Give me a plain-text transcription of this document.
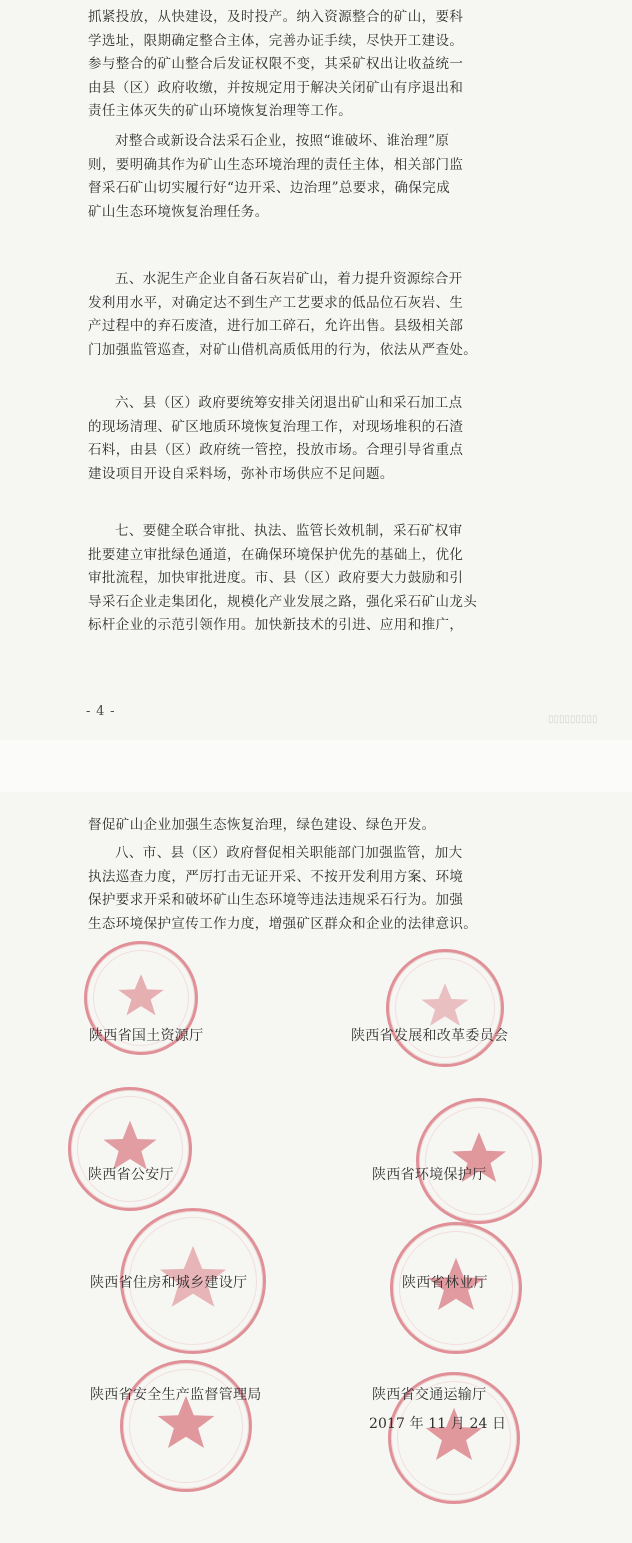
抓紧投放，从快建设，及时投产。纳入资源整合的矿山，要科

学选址，限期确定整合主体，完善办证手续，尽快开工建设。

参与整合的矿山整合后发证权限不变，其采矿权出让收益统一

由县（区）政府收缴，并按规定用于解决关闭矿山有序退出和

责任主体灭失的矿山环境恢复治理等工作。

对整合或新设合法采石企业，按照“谁破坏、谁治理”原

则，要明确其作为矿山生态环境治理的责任主体，相关部门监

督采石矿山切实履行好“边开采、边治理”总要求，确保完成

矿山生态环境恢复治理任务。

五、水泥生产企业自备石灰岩矿山，着力提升资源综合开

发利用水平，对确定达不到生产工艺要求的低品位石灰岩、生

产过程中的弃石废渣，进行加工碎石，允许出售。县级相关部

门加强监管巡查，对矿山借机高质低用的行为，依法从严查处。

六、县（区）政府要统筹安排关闭退出矿山和采石加工点

的现场清理、矿区地质环境恢复治理工作，对现场堆积的石渣

石料，由县（区）政府统一管控，投放市场。合理引导省重点

建设项目开设自采料场，弥补市场供应不足问题。

七、要健全联合审批、执法、监管长效机制，采石矿权审

批要建立审批绿色通道，在确保环境保护优先的基础上，优化

审批流程，加快审批进度。市、县（区）政府要大力鼓励和引

导采石企业走集团化，规模化产业发展之路，强化采石矿山龙头

标杆企业的示范引领作用。加快新技术的引进、应用和推广，

- 4 -
▯▯▯▯▯▯▯▯▯

督促矿山企业加强生态恢复治理，绿色建设、绿色开发。

八、市、县（区）政府督促相关职能部门加强监管，加大

执法巡查力度，严厉打击无证开采、不按开发利用方案、环境

保护要求开采和破坏矿山生态环境等违法违规采石行为。加强

生态环境保护宣传工作力度，增强矿区群众和企业的法律意识。

陕西省国土资源厅	陕西省发展和改革委员会
陕西省公安厅	陕西省环境保护厅
陕西省住房和城乡建设厅	陕西省林业厅
陕西省安全生产监督管理局	陕西省交通运输厅
2017 年 11 月 24 日
